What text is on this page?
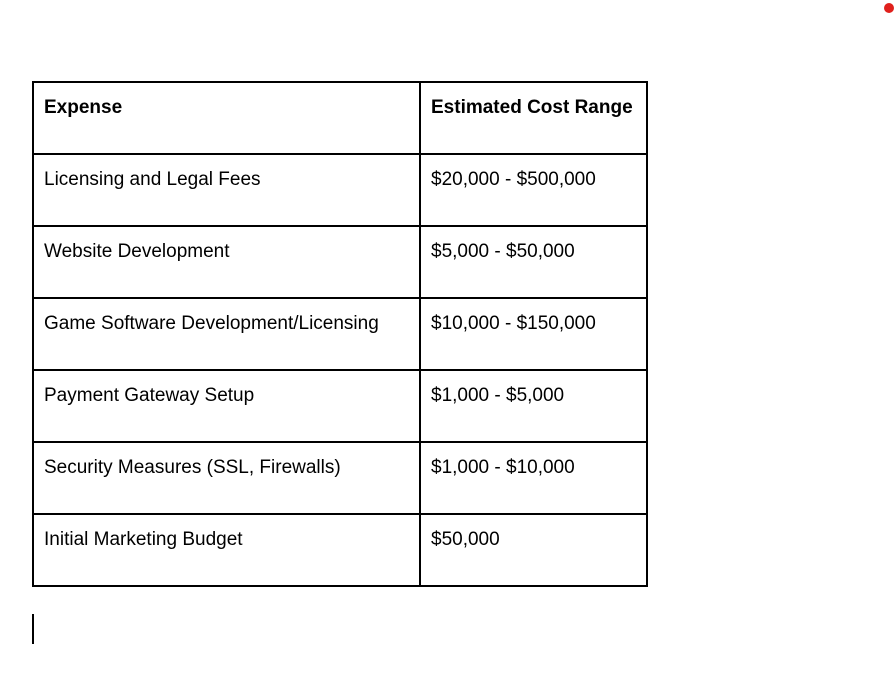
Expense	Estimated Cost Range
Licensing and Legal Fees	$20,000 - $500,000
Website Development	$5,000 - $50,000
Game Software Development/Licensing	$10,000 - $150,000
Payment Gateway Setup	$1,000 - $5,000
Security Measures (SSL, Firewalls)	$1,000 - $10,000
Initial Marketing Budget	$50,000
